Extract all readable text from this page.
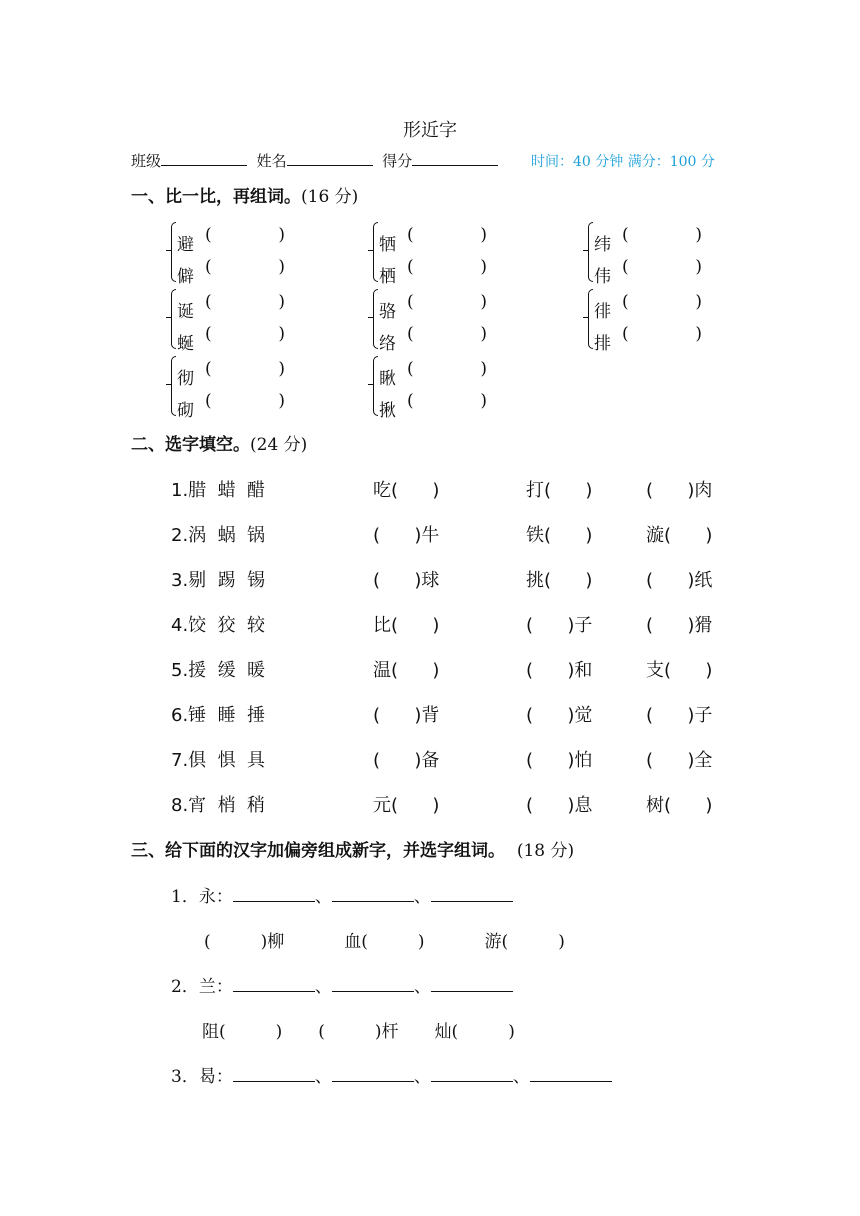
形近字
班级	姓名	得分	时间：40 分钟 满分：100 分
一、比一比，再组词。(16 分)
避 (	)
僻 (	)
牺 (	)
栖 (	)
纬 (	)
伟 (	)
诞 (	)
蜒 (	)
骆 (	)
络 (	)
徘 (	)
排 (	)
彻 (	)
砌 (	)
瞅 (	)
揪 (	)
二、选字填空。(24 分)
1.腊  蜡  醋	吃(      )	打(      )	(      )肉
2.涡  蜗  锅	(      )牛	铁(      )	漩(      )
3.剔  踢  锡	(      )球	挑(      )	(      )纸
4.饺  狡  较	比(      )	(      )子	(      )猾
5.援  缓  暖	温(      )	(      )和	支(      )
6.锤  睡  捶	(      )背	(      )觉	(      )子
7.俱  惧  具	(      )备	(      )怕	(      )全
8.宵  梢  稍	元(      )	(      )息	树(      )
三、给下面的汉字加偏旁组成新字，并选字组词。 (18 分)
1．永：	、	、
(	)柳	血(	)	游(	)
2．兰：	、	、
阻(	) (	)杆 灿(	)
3．曷：	、	、	、
